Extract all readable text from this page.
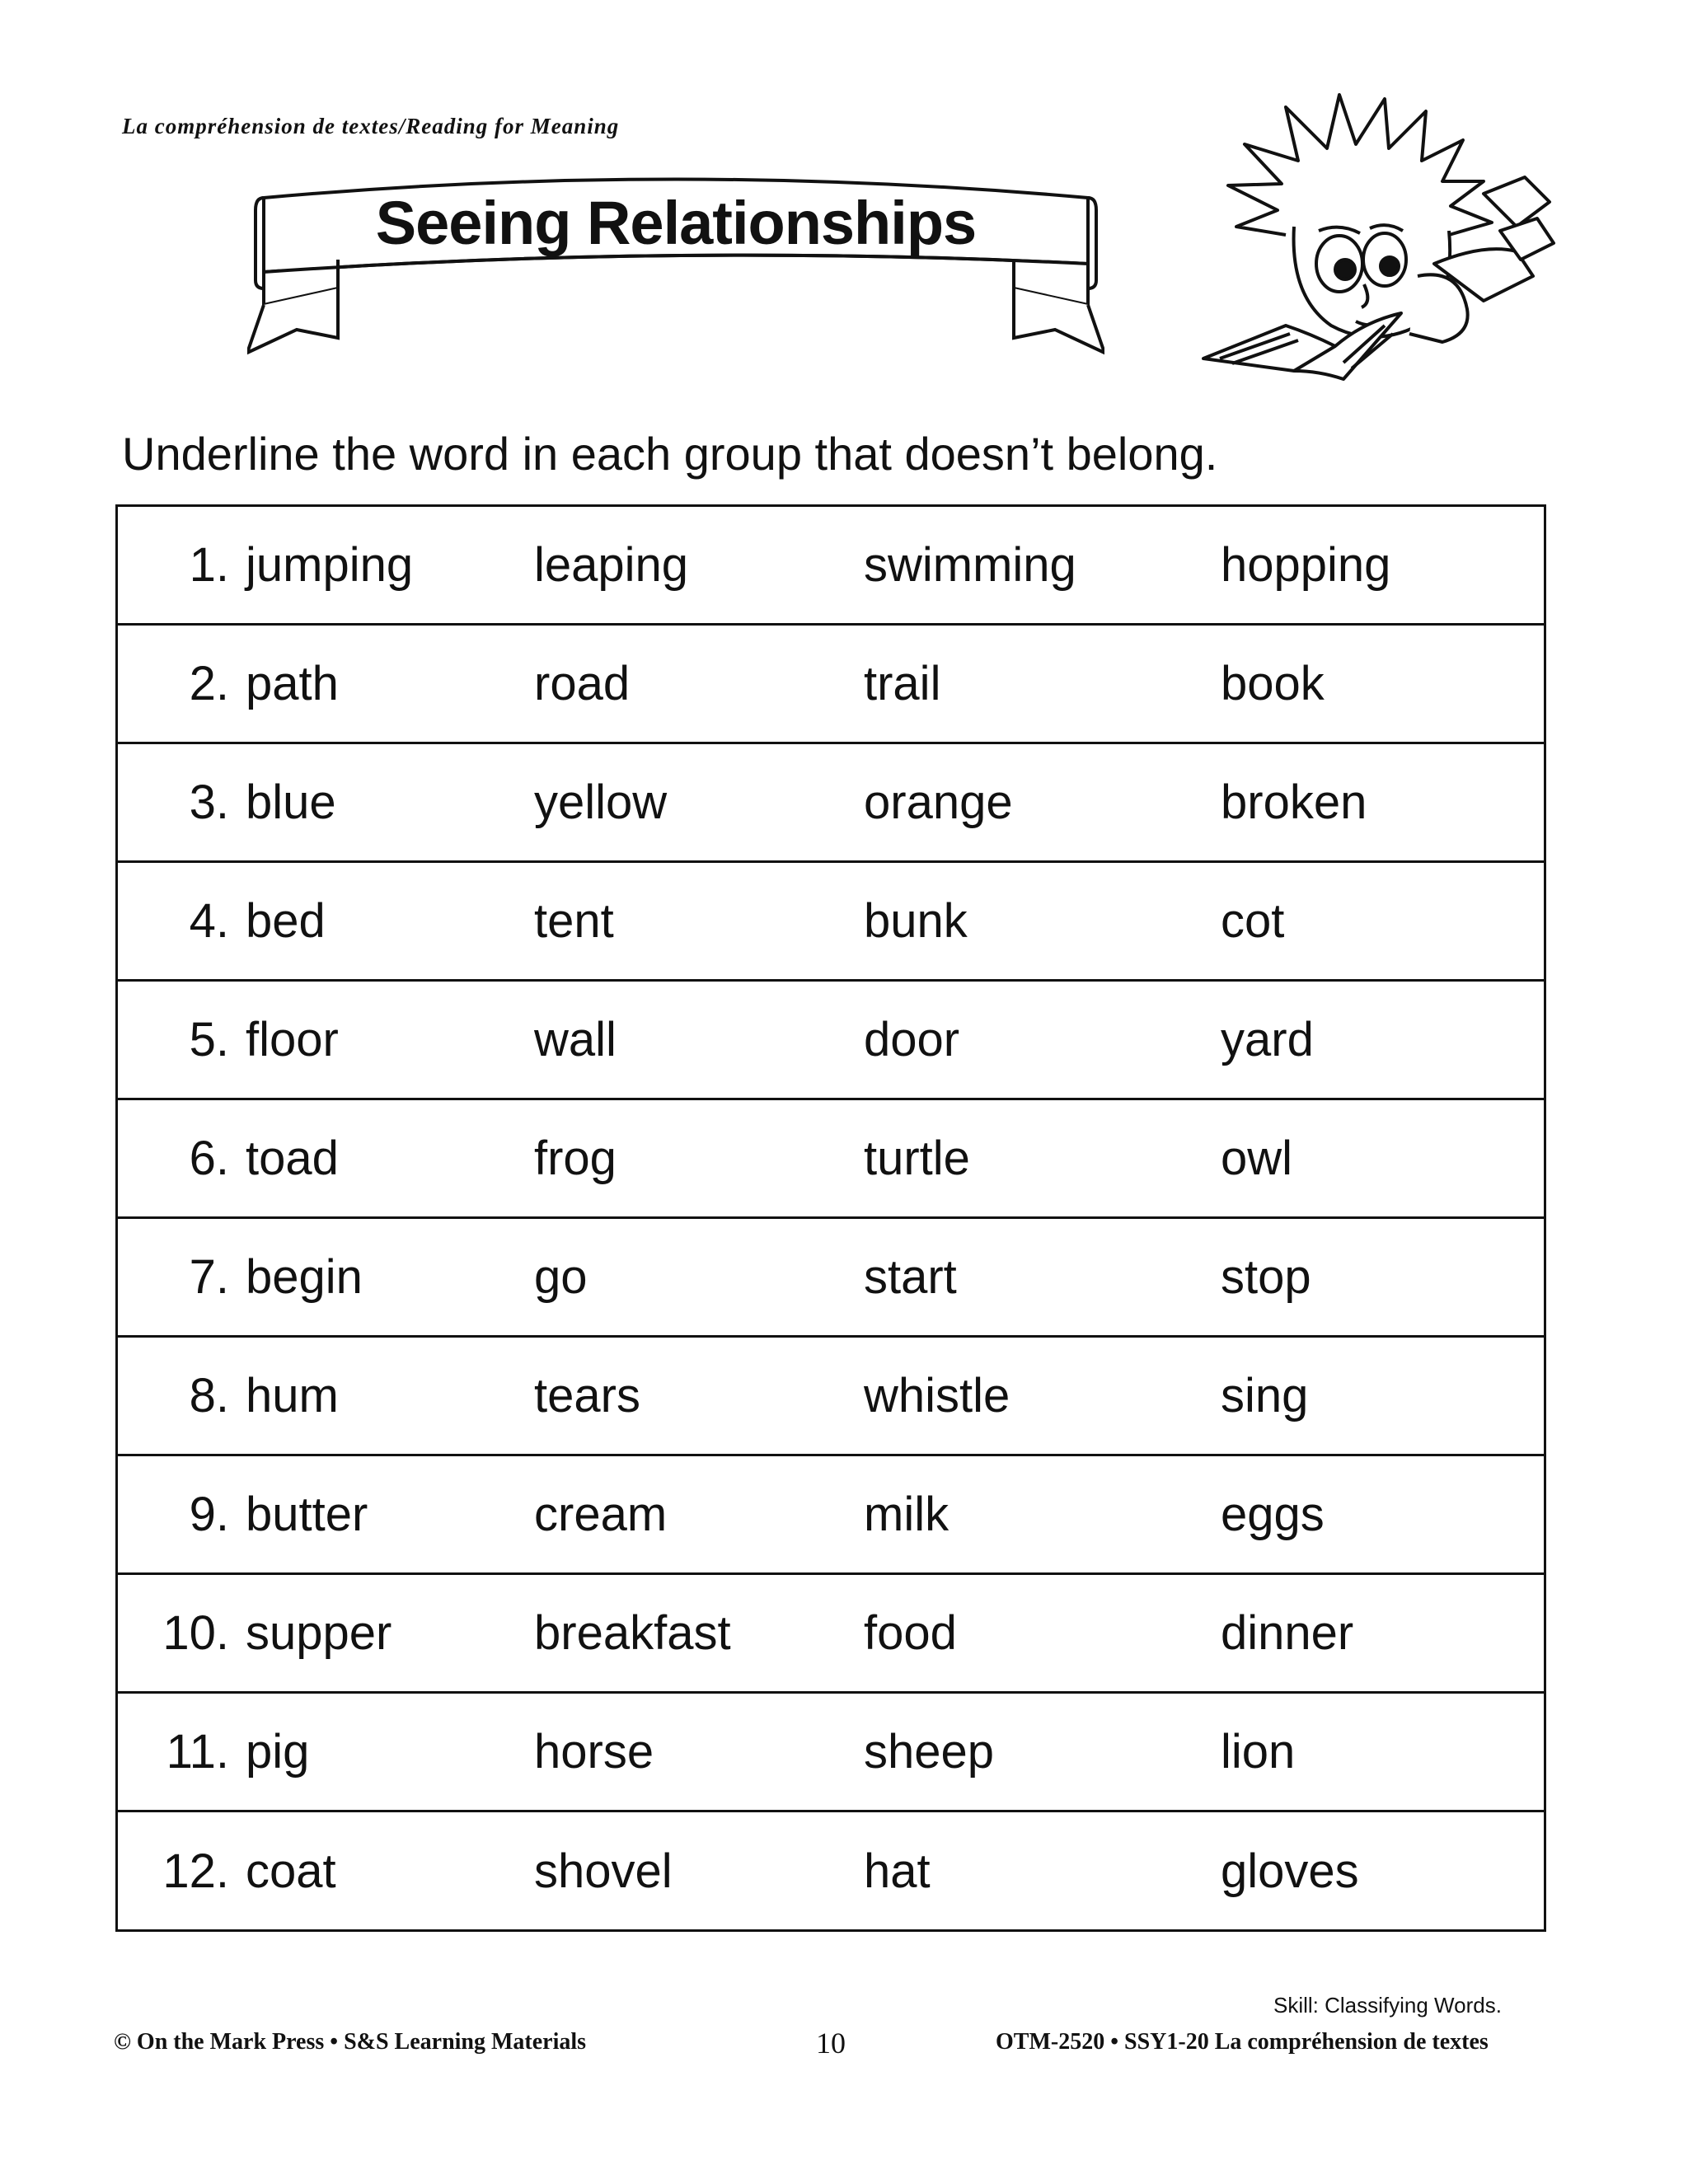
La compréhension de textes/Reading for Meaning
Seeing Relationships
Underline the word in each group that doesn’t belong.
1. jumping	leaping	swimming	hopping
2. path	road	trail	book
3. blue	yellow	orange	broken
4. bed	tent	bunk	cot
5. floor	wall	door	yard
6. toad	frog	turtle	owl
7. begin	go	start	stop
8. hum	tears	whistle	sing
9. butter	cream	milk	eggs
10. supper	breakfast	food	dinner
11. pig	horse	sheep	lion
12. coat	shovel	hat	gloves
Skill: Classifying Words.
© On the Mark Press • S&S Learning Materials	10	OTM-2520 • SSY1-20 La compréhension de textes
